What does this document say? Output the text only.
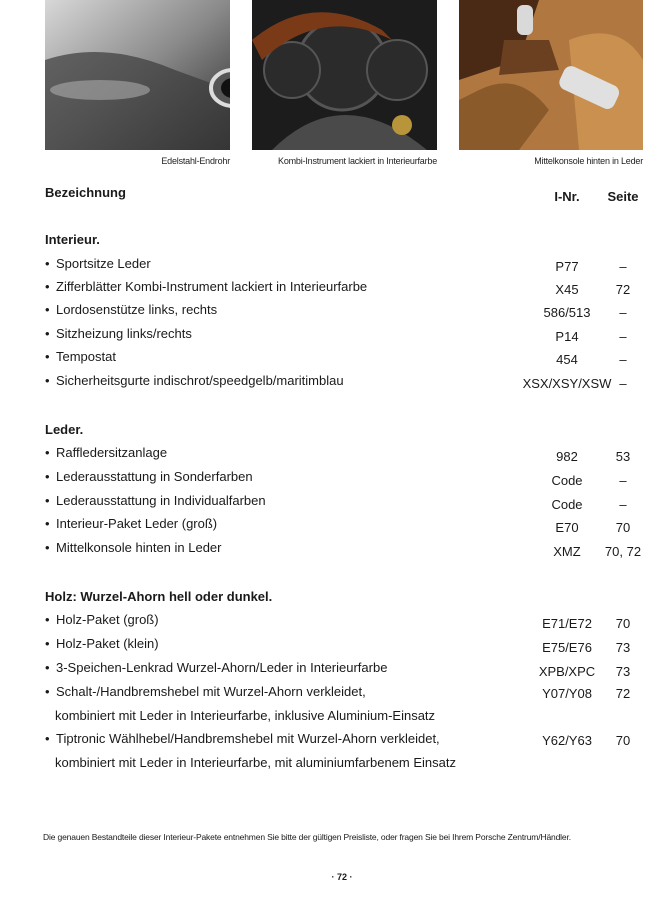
Edelstahl-Endrohr	Kombi-Instrument lackiert in Interieurfarbe	Mittelkonsole hinten in Leder
Bezeichnung	I-Nr.	Seite
Interieur.
• Sportsitze Leder	P77	–
• Zifferblätter Kombi-Instrument lackiert in Interieurfarbe	X45	72
• Lordosenstütze links, rechts	586/513	–
• Sitzheizung links/rechts	P14	–
• Tempostat	454	–
• Sicherheitsgurte indischrot/speedgelb/maritimblau	XSX/XSY/XSW –
Leder.
• Raffledersitzanlage	982	53
• Lederausstattung in Sonderfarben	Code	–
• Lederausstattung in Individualfarben	Code	–
• Interieur-Paket Leder (groß)	E70	70
• Mittelkonsole hinten in Leder	XMZ	70, 72
Holz: Wurzel-Ahorn hell oder dunkel.
• Holz-Paket (groß)	E71/E72	70
• Holz-Paket (klein)	E75/E76	73
• 3-Speichen-Lenkrad Wurzel-Ahorn/Leder in Interieurfarbe	XPB/XPC	73
• Schalt-/Handbremshebel mit Wurzel-Ahorn verkleidet,
kombiniert mit Leder in Interieurfarbe, inklusive Aluminium-Einsatz
Y07/Y08	72
• Tiptronic Wählhebel/Handbremshebel mit Wurzel-Ahorn verkleidet,
kombiniert mit Leder in Interieurfarbe, mit aluminiumfarbenem Einsatz
Y62/Y63	70
Die genauen Bestandteile dieser Interieur-Pakete entnehmen Sie bitte der gültigen Preisliste, oder fragen Sie bei Ihrem Porsche Zentrum/Händler.
· 72 ·
